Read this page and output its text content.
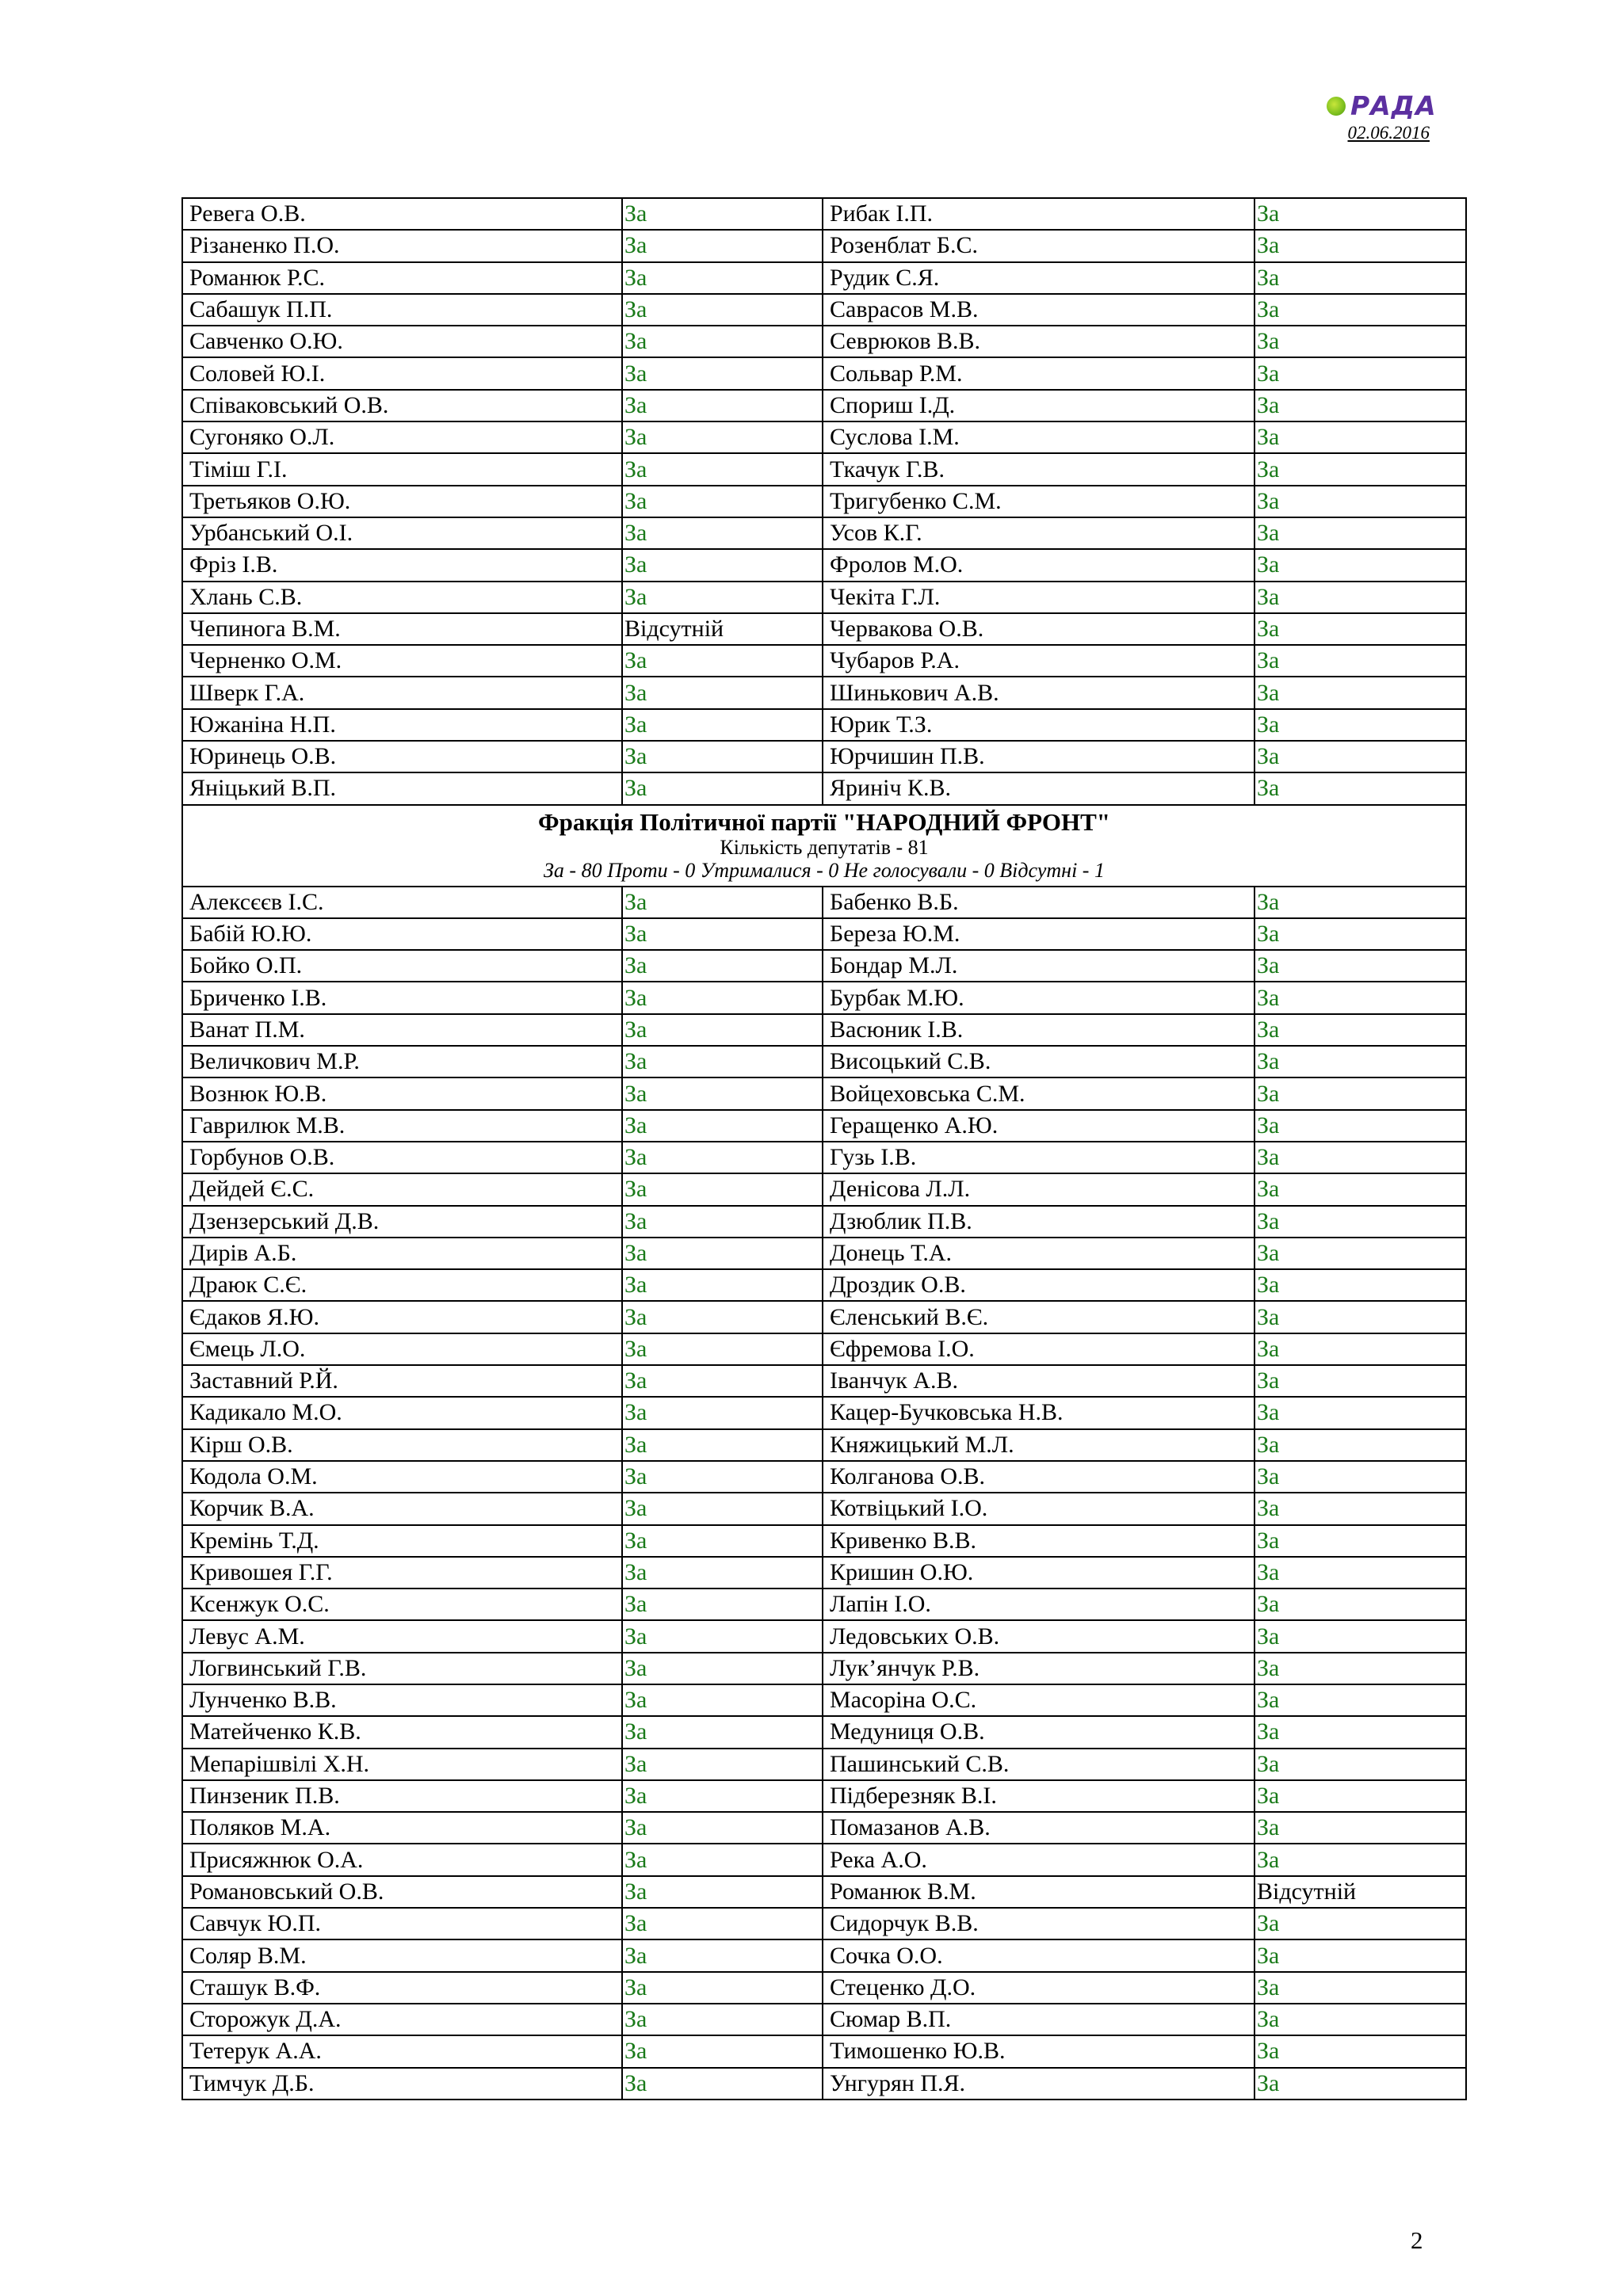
РАДА
02.06.2016
Ревега О.В.	За	Рибак І.П.	За
Різаненко П.О.	За	Розенблат Б.С.	За
Романюк Р.С.	За	Рудик С.Я.	За
Сабашук П.П.	За	Саврасов М.В.	За
Савченко О.Ю.	За	Севрюков В.В.	За
Соловей Ю.І.	За	Сольвар Р.М.	За
Співаковський О.В.	За	Спориш І.Д.	За
Сугоняко О.Л.	За	Суслова І.М.	За
Тіміш Г.І.	За	Ткачук Г.В.	За
Третьяков О.Ю.	За	Тригубенко С.М.	За
Урбанський О.І.	За	Усов К.Г.	За
Фріз І.В.	За	Фролов М.О.	За
Хлань С.В.	За	Чекіта Г.Л.	За
Чепинога В.М.	Відсутній	Червакова О.В.	За
Черненко О.М.	За	Чубаров Р.А.	За
Шверк Г.А.	За	Шинькович А.В.	За
Южаніна Н.П.	За	Юрик Т.З.	За
Юринець О.В.	За	Юрчишин П.В.	За
Яніцький В.П.	За	Яриніч К.В.	За

Фракція Політичної партії "НАРОДНИЙ ФРОНТ"
Кількість депутатів - 81
За - 80 Проти - 0 Утрималися - 0 Не голосували - 0 Відсутні - 1			

Алексєєв І.С.	За	Бабенко В.Б.	За
Бабій Ю.Ю.	За	Береза Ю.М.	За
Бойко О.П.	За	Бондар М.Л.	За
Бриченко І.В.	За	Бурбак М.Ю.	За
Ванат П.М.	За	Васюник І.В.	За
Величкович М.Р.	За	Висоцький С.В.	За
Вознюк Ю.В.	За	Войцеховська С.М.	За
Гаврилюк М.В.	За	Геращенко А.Ю.	За
Горбунов О.В.	За	Гузь І.В.	За
Дейдей Є.С.	За	Денісова Л.Л.	За
Дзензерський Д.В.	За	Дзюблик П.В.	За
Дирів А.Б.	За	Донець Т.А.	За
Драюк С.Є.	За	Дроздик О.В.	За
Єдаков Я.Ю.	За	Єленський В.Є.	За
Ємець Л.О.	За	Єфремова І.О.	За
Заставний Р.Й.	За	Іванчук А.В.	За
Кадикало М.О.	За	Кацер-Бучковська Н.В.	За
Кірш О.В.	За	Княжицький М.Л.	За
Кодола О.М.	За	Колганова О.В.	За
Корчик В.А.	За	Котвіцький І.О.	За
Кремінь Т.Д.	За	Кривенко В.В.	За
Кривошея Г.Г.	За	Кришин О.Ю.	За
Ксенжук О.С.	За	Лапін І.О.	За
Левус А.М.	За	Ледовських О.В.	За
Логвинський Г.В.	За	Лук’янчук Р.В.	За
Лунченко В.В.	За	Масоріна О.С.	За
Матейченко К.В.	За	Медуниця О.В.	За
Мепарішвілі Х.Н.	За	Пашинський С.В.	За
Пинзеник П.В.	За	Підберезняк В.І.	За
Поляков М.А.	За	Помазанов А.В.	За
Присяжнюк О.А.	За	Река А.О.	За
Романовський О.В.	За	Романюк В.М.	Відсутній
Савчук Ю.П.	За	Сидорчук В.В.	За
Соляр В.М.	За	Сочка О.О.	За
Сташук В.Ф.	За	Стеценко Д.О.	За
Сторожук Д.А.	За	Сюмар В.П.	За
Тетерук А.А.	За	Тимошенко Ю.В.	За
Тимчук Д.Б.	За	Унгурян П.Я.	За
2
